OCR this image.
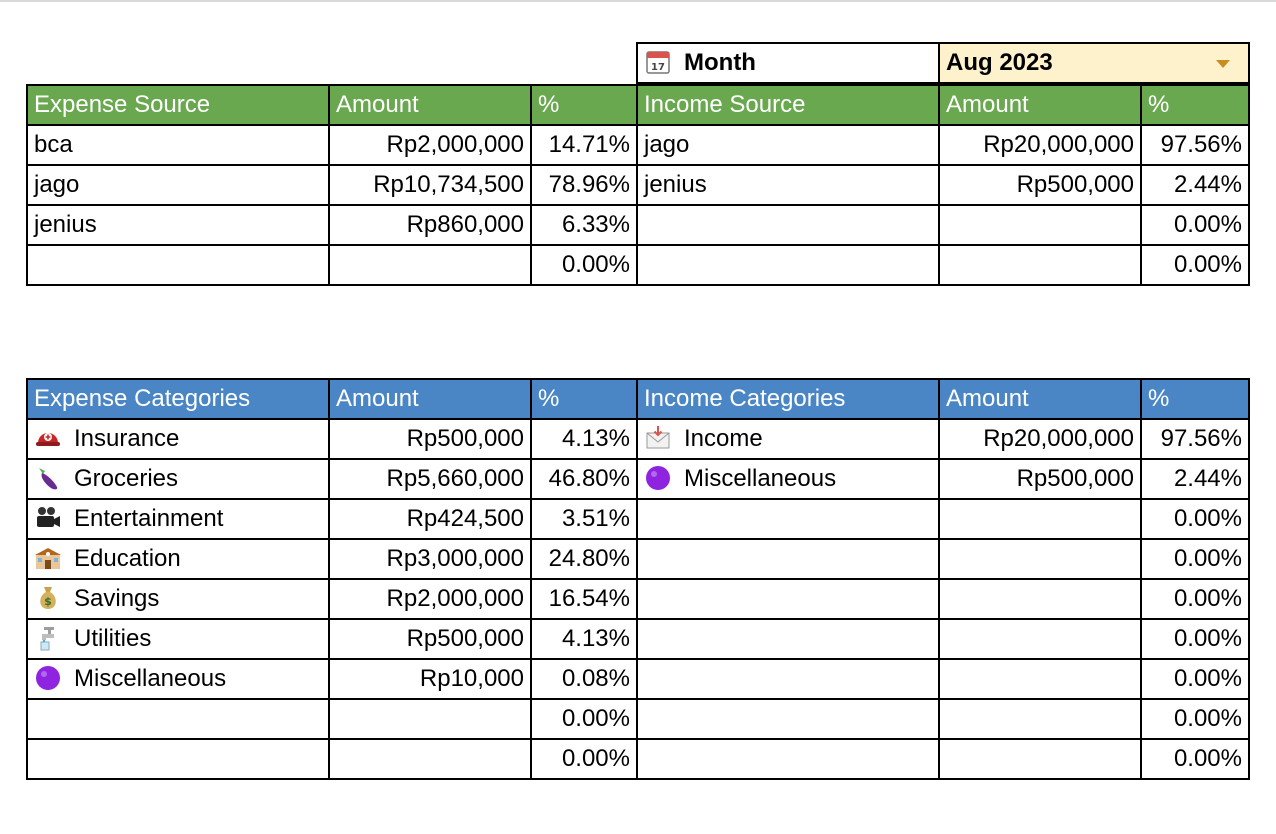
17 Month	Aug 2023
Expense Source	Amount	%	Income Source	Amount	%
bca	Rp2,000,000	14.71%	jago	Rp20,000,000	97.56%
jago	Rp10,734,500	78.96%	jenius	Rp500,000	2.44%
jenius	Rp860,000	6.33%			0.00%
		0.00%			0.00%
Expense Categories	Amount	%	Income Categories	Amount	%
Insurance	Rp500,000	4.13%	Income	Rp20,000,000	97.56%
Groceries	Rp5,660,000	46.80%	Miscellaneous	Rp500,000	2.44%
Entertainment	Rp424,500	3.51%			0.00%
Education	Rp3,000,000	24.80%			0.00%

$ Savings	Rp2,000,000	16.54%			0.00%
Utilities	Rp500,000	4.13%			0.00%
Miscellaneous	Rp10,000	0.08%			0.00%
		0.00%			0.00%
		0.00%			0.00%
